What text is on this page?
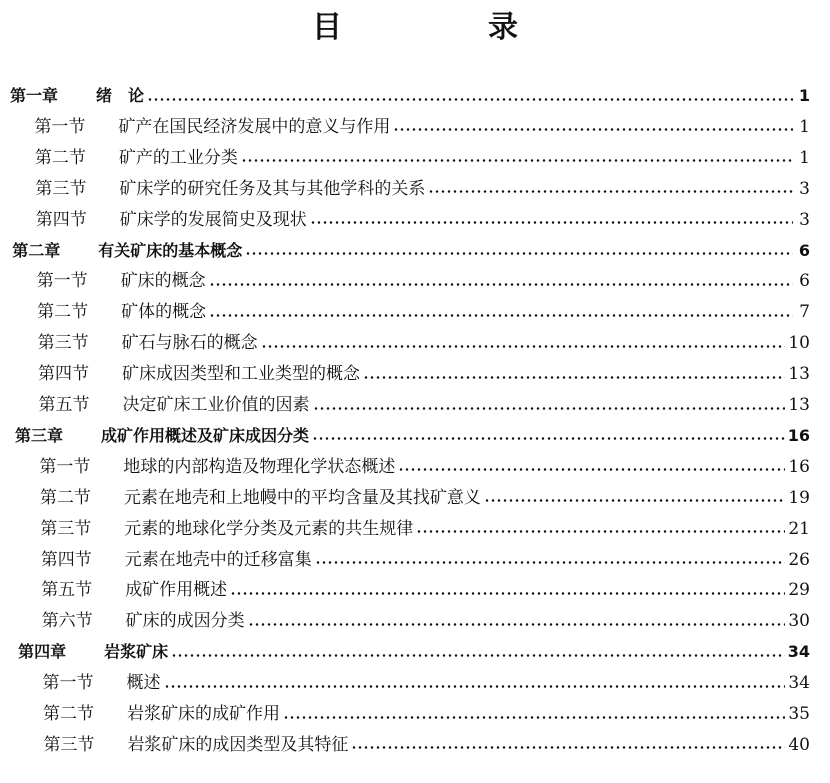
目　录
第一章	绪　论	1
第一节	矿产在国民经济发展中的意义与作用	1
第二节	矿产的工业分类	1
第三节	矿床学的研究任务及其与其他学科的关系	3
第四节	矿床学的发展简史及现状	3
第二章	有关矿床的基本概念	6
第一节	矿床的概念	6
第二节	矿体的概念	7
第三节	矿石与脉石的概念	10
第四节	矿床成因类型和工业类型的概念	13
第五节	决定矿床工业价值的因素	13
第三章	成矿作用概述及矿床成因分类	16
第一节	地球的内部构造及物理化学状态概述	16
第二节	元素在地壳和上地幔中的平均含量及其找矿意义	19
第三节	元素的地球化学分类及元素的共生规律	21
第四节	元素在地壳中的迁移富集	26
第五节	成矿作用概述	29
第六节	矿床的成因分类	30
第四章	岩浆矿床	34
第一节	概述	34
第二节	岩浆矿床的成矿作用	35
第三节	岩浆矿床的成因类型及其特征	40
